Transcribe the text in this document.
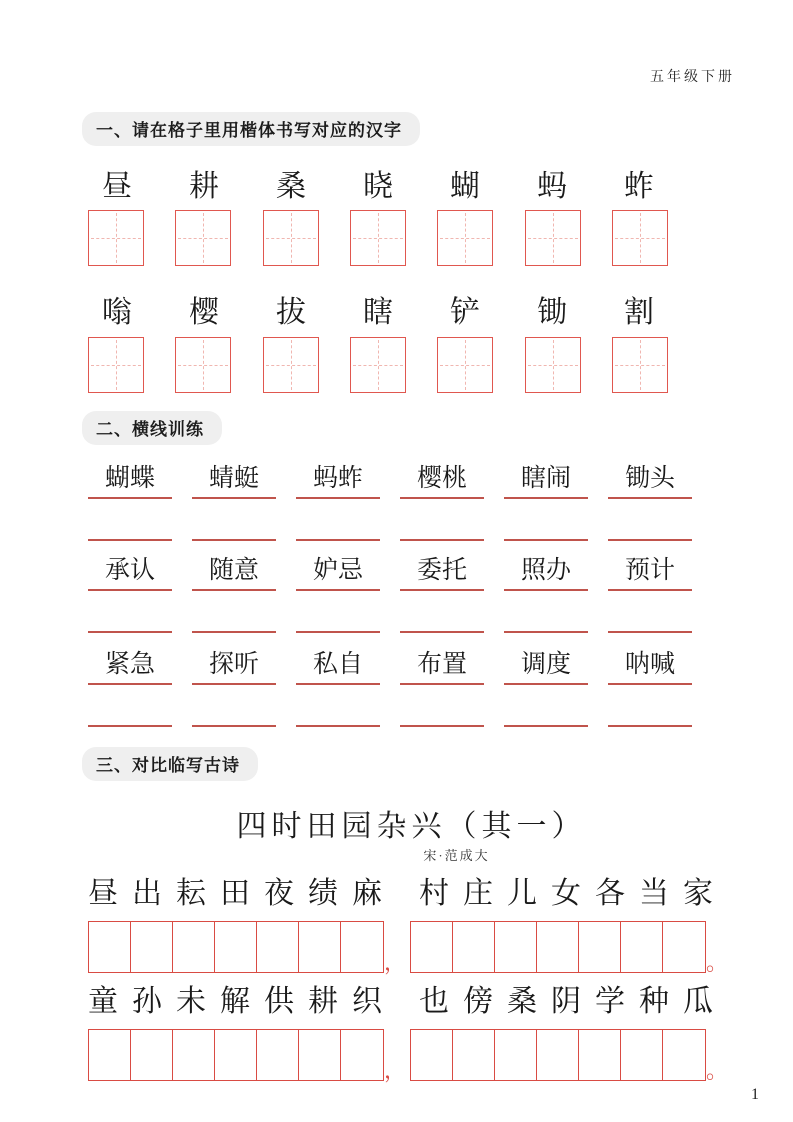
五年级下册
一、请在格子里用楷体书写对应的汉字
昼	耕	桑	晓	蝴	蚂	蚱
嗡	樱	拔	瞎	铲	锄	割
二、横线训练
蝴蝶	蜻蜓	蚂蚱	樱桃	瞎闹	锄头
承认	随意	妒忌	委托	照办	预计
紧急	探听	私自	布置	调度	呐喊
三、对比临写古诗
四时田园杂兴（其一）
宋·范成大
昼出耘田夜绩麻 村庄儿女各当家
，	。
童孙未解供耕织 也傍桑阴学种瓜
，	。
1
